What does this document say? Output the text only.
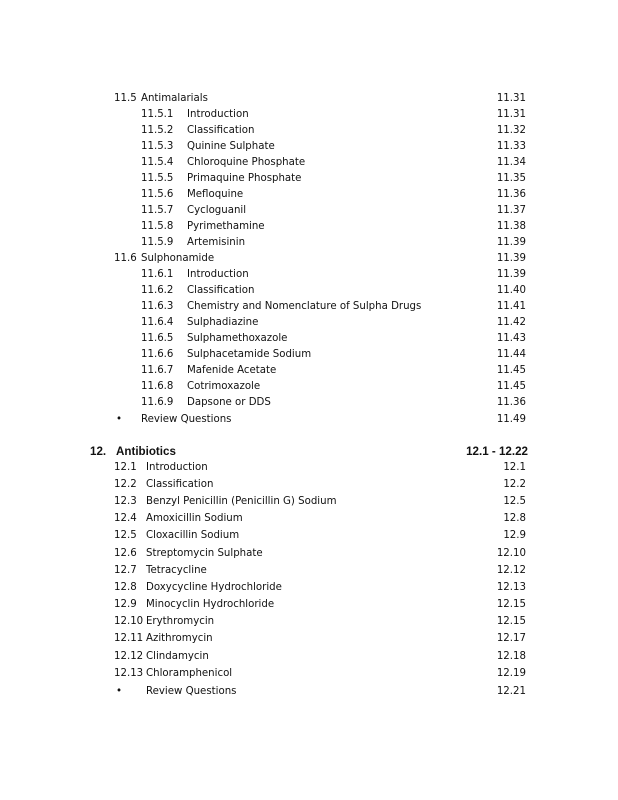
11.5 Antimalarials	11.31
11.5.1 Introduction	11.31
11.5.2 Classification	11.32
11.5.3 Quinine Sulphate	11.33
11.5.4 Chloroquine Phosphate	11.34
11.5.5 Primaquine Phosphate	11.35
11.5.6 Mefloquine	11.36
11.5.7 Cycloguanil	11.37
11.5.8 Pyrimethamine	11.38
11.5.9 Artemisinin	11.39
11.6 Sulphonamide	11.39
11.6.1 Introduction	11.39
11.6.2 Classification	11.40
11.6.3 Chemistry and Nomenclature of Sulpha Drugs	11.41
11.6.4 Sulphadiazine	11.42
11.6.5 Sulphamethoxazole	11.43
11.6.6 Sulphacetamide Sodium	11.44
11.6.7 Mafenide Acetate	11.45
11.6.8 Cotrimoxazole	11.45
11.6.9 Dapsone or DDS	11.36
• Review Questions	11.49
12. Antibiotics	12.1 - 12.22
12.1 Introduction	12.1
12.2 Classification	12.2
12.3 Benzyl Penicillin (Penicillin G) Sodium	12.5
12.4 Amoxicillin Sodium	12.8
12.5 Cloxacillin Sodium	12.9
12.6 Streptomycin Sulphate	12.10
12.7 Tetracycline	12.12
12.8 Doxycycline Hydrochloride	12.13
12.9 Minocyclin Hydrochloride	12.15
12.10 Erythromycin	12.15
12.11 Azithromycin	12.17
12.12 Clindamycin	12.18
12.13 Chloramphenicol	12.19
• Review Questions	12.21
